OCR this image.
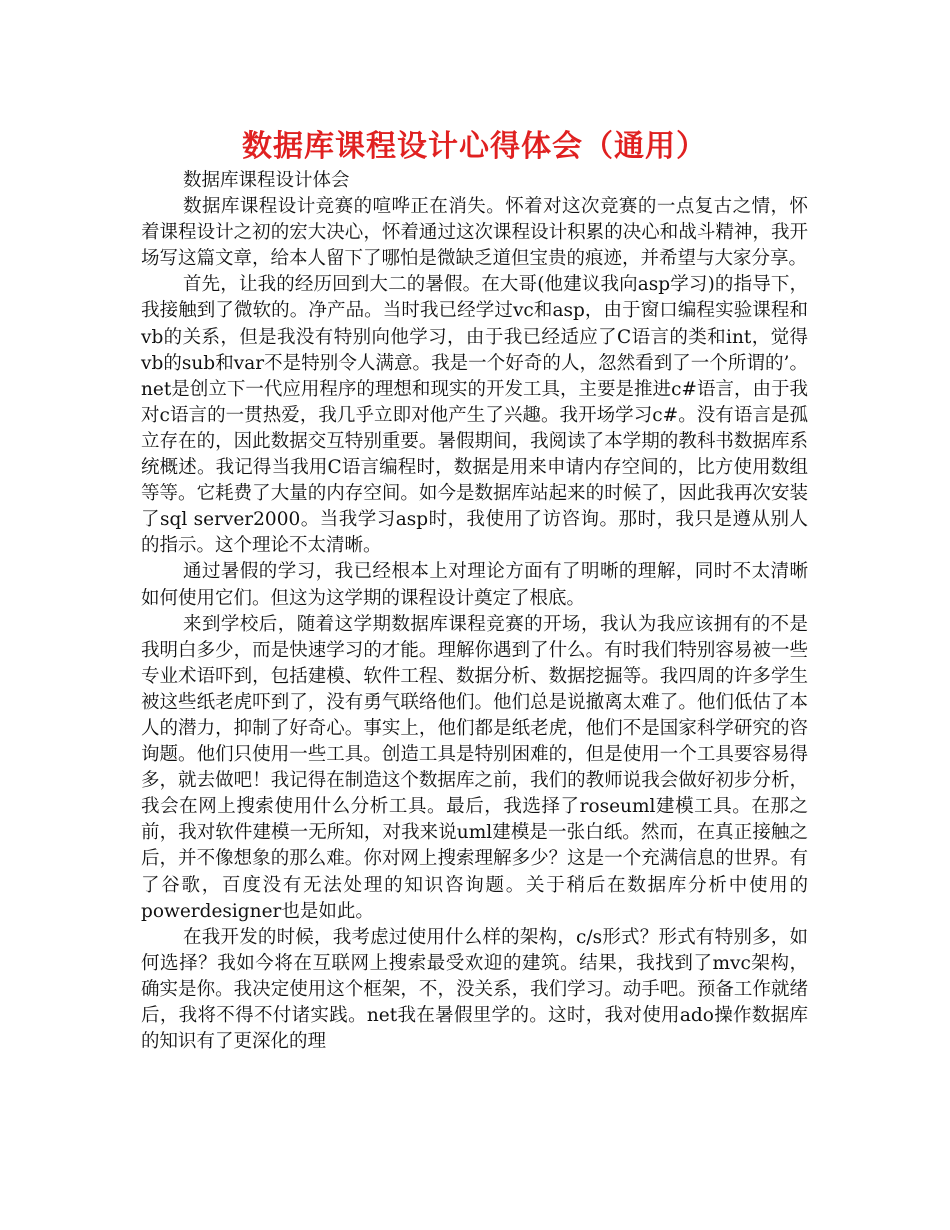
数据库课程设计心得体会（通用）

数据库课程设计体会

数据库课程设计竞赛的喧哗正在消失。怀着对这次竞赛的一点复古之情，怀着课程设计之初的宏大决心，怀着通过这次课程设计积累的决心和战斗精神，我开场写这篇文章，给本人留下了哪怕是微缺乏道但宝贵的痕迹，并希望与大家分享。

首先，让我的经历回到大二的暑假。在大哥(他建议我向asp学习)的指导下，我接触到了微软的。净产品。当时我已经学过vc和asp，由于窗口编程实验课程和vb的关系，但是我没有特别向他学习，由于我已经适应了C语言的类和int，觉得vb的sub和var不是特别令人满意。我是一个好奇的人，忽然看到了一个所谓的’。net是创立下一代应用程序的理想和现实的开发工具，主要是推进c#语言，由于我对c语言的一贯热爱，我几乎立即对他产生了兴趣。我开场学习c#。没有语言是孤立存在的，因此数据交互特别重要。暑假期间，我阅读了本学期的教科书数据库系统概述。我记得当我用C语言编程时，数据是用来申请内存空间的，比方使用数组等等。它耗费了大量的内存空间。如今是数据库站起来的时候了，因此我再次安装了sql server2000。当我学习asp时，我使用了访咨询。那时，我只是遵从别人的指示。这个理论不太清晰。

通过暑假的学习，我已经根本上对理论方面有了明晰的理解，同时不太清晰如何使用它们。但这为这学期的课程设计奠定了根底。

来到学校后，随着这学期数据库课程竞赛的开场，我认为我应该拥有的不是我明白多少，而是快速学习的才能。理解你遇到了什么。有时我们特别容易被一些专业术语吓到，包括建模、软件工程、数据分析、数据挖掘等。我四周的许多学生被这些纸老虎吓到了，没有勇气联络他们。他们总是说撤离太难了。他们低估了本人的潜力，抑制了好奇心。事实上，他们都是纸老虎，他们不是国家科学研究的咨询题。他们只使用一些工具。创造工具是特别困难的，但是使用一个工具要容易得多，就去做吧！我记得在制造这个数据库之前，我们的教师说我会做好初步分析，我会在网上搜索使用什么分析工具。最后，我选择了roseuml建模工具。在那之前，我对软件建模一无所知，对我来说uml建模是一张白纸。然而，在真正接触之后，并不像想象的那么难。你对网上搜索理解多少？这是一个充满信息的世界。有了谷歌，百度没有无法处理的知识咨询题。关于稍后在数据库分析中使用的powerdesigner也是如此。

在我开发的时候，我考虑过使用什么样的架构，c/s形式？形式有特别多，如何选择？我如今将在互联网上搜索最受欢迎的建筑。结果，我找到了mvc架构，确实是你。我决定使用这个框架，不，没关系，我们学习。动手吧。预备工作就绪后，我将不得不付诸实践。net我在暑假里学的。这时，我对使用ado操作数据库的知识有了更深化的理
